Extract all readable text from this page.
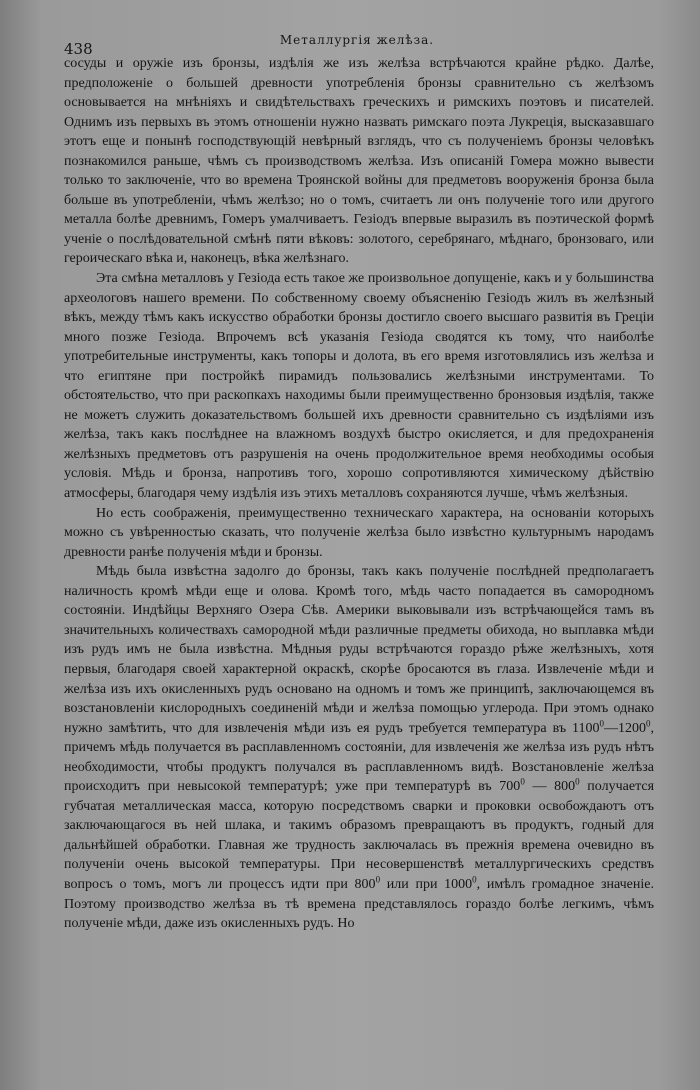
438	Металлургія желѣза.

сосуды и оружіе изъ бронзы, издѣлія же изъ желѣза встрѣчаются крайне рѣдко. Далѣе, предположеніе о большей древности употребленія бронзы сравнительно съ желѣзомъ основывается на мнѣніяхъ и свидѣтельствахъ греческихъ и римскихъ поэтовъ и писателей. Однимъ изъ первыхъ въ этомъ отношеніи нужно назвать римскаго поэта Лукреція, высказавшаго этотъ еще и понынѣ господствующій невѣрный взглядъ, что съ полученіемъ бронзы человѣкъ познакомился раньше, чѣмъ съ производствомъ желѣза. Изъ описаній Гомера можно вывести только то заключеніе, что во времена Троянской войны для предметовъ вооруженія бронза была больше въ употребленіи, чѣмъ желѣзо; но о томъ, считаетъ ли онъ полученіе того или другого металла болѣе древнимъ, Гомеръ умалчиваетъ. Гезіодъ впервые выразилъ въ поэтической формѣ ученіе о послѣдовательной смѣнѣ пяти вѣковъ: золотого, серебрянаго, мѣднаго, бронзоваго, или героическаго вѣка и, наконецъ, вѣка желѣзнаго.

Эта смѣна металловъ у Гезіода есть такое же произвольное допущеніе, какъ и у большинства археологовъ нашего времени. По собственному своему объясненію Гезіодъ жилъ въ желѣзный вѣкъ, между тѣмъ какъ искусство обработки бронзы достигло своего высшаго развитія въ Греціи много позже Гезіода. Впрочемъ всѣ указанія Гезіода сводятся къ тому, что наиболѣе употребительные инструменты, какъ топоры и долота, въ его время изготовлялись изъ желѣза и что египтяне при постройкѣ пирамидъ пользовались желѣзными инструментами. То обстоятельство, что при раскопкахъ находимы были преимущественно бронзовыя издѣлія, также не можетъ служить доказательствомъ большей ихъ древности сравнительно съ издѣліями изъ желѣза, такъ какъ послѣднее на влажномъ воздухѣ быстро окисляется, и для предохраненія желѣзныхъ предметовъ отъ разрушенія на очень продолжительное время необходимы особыя условія. Мѣдь и бронза, напротивъ того, хорошо сопротивляются химическому дѣйствію атмосферы, благодаря чему издѣлія изъ этихъ металловъ сохраняются лучше, чѣмъ желѣзныя.

Но есть соображенія, преимущественно техническаго характера, на основаніи которыхъ можно съ увѣренностью сказать, что полученіе желѣза было извѣстно культурнымъ народамъ древности ранѣе полученія мѣди и бронзы.

Мѣдь была извѣстна задолго до бронзы, такъ какъ полученіе послѣдней предполагаетъ наличность кромѣ мѣди еще и олова. Кромѣ того, мѣдь часто попадается въ самородномъ состояніи. Индѣйцы Верхняго Озера Сѣв. Америки выковывали изъ встрѣчающейся тамъ въ значительныхъ количествахъ самородной мѣди различные предметы обихода, но выплавка мѣди изъ рудъ имъ не была извѣстна. Мѣдныя руды встрѣчаются гораздо рѣже желѣзныхъ, хотя первыя, благодаря своей характерной окраскѣ, скорѣе бросаются въ глаза. Извлеченіе мѣди и желѣза изъ ихъ окисленныхъ рудъ основано на одномъ и томъ же принципѣ, заключающемся въ возстановленіи кислородныхъ соединеній мѣди и желѣза помощью углерода. При этомъ однако нужно замѣтить, что для извлеченія мѣди изъ ея рудъ требуется температура въ 1100$^0$—1200$^0$, причемъ мѣдь получается въ расплавленномъ состояніи, для извлеченія же желѣза изъ рудъ нѣтъ необходимости, чтобы продуктъ получался въ расплавленномъ видѣ. Возстановленіе желѣза происходитъ при невысокой температурѣ; уже при температурѣ въ $700^0$ — $800^0$ получается губчатая металлическая масса, которую посредствомъ сварки и проковки освобождаютъ отъ заключающагося въ ней шлака, и такимъ образомъ превращаютъ въ продуктъ, годный для дальнѣйшей обработки. Главная же трудность заключалась въ прежнія времена очевидно въ полученіи очень высокой температуры. При несовершенствѣ металлургическихъ средствъ вопросъ о томъ, могъ ли процессъ идти при $800^0$ или при 1000$^0$, имѣлъ громадное значеніе. Поэтому производство желѣза въ тѣ времена представлялось гораздо болѣе легкимъ, чѣмъ полученіе мѣди, даже изъ окисленныхъ рудъ. Но
